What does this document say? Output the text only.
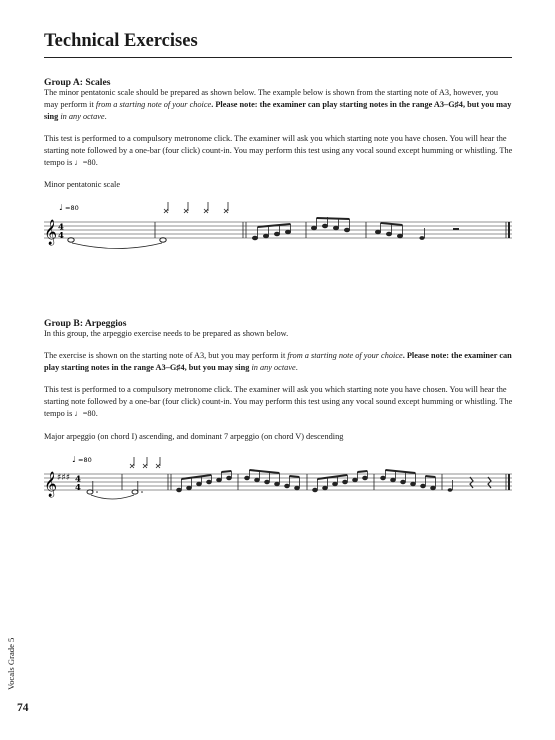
Technical Exercises
Group A: Scales

The minor pentatonic scale should be prepared as shown below. The example below is shown from the starting note of A3, however, you may perform it from a starting note of your choice. Please note: the examiner can play starting notes in the range A3–G♯4, but you may sing in any octave.

This test is performed to a compulsory metronome click. The examiner will ask you which starting note you have chosen. You will hear the starting note followed by a one-bar (four click) count-in. You may perform this test using any vocal sound except humming or whistling. The tempo is ♩=80.

Minor pentatonic scale

𝄞
♩ =80
4
4
Group B: Arpeggios

In this group, the arpeggio exercise needs to be prepared as shown below.

The exercise is shown on the starting note of A3, but you may perform it from a starting note of your choice. Please note: the examiner can play starting notes in the range A3–G♯4, but you may sing in any octave.

This test is performed to a compulsory metronome click. The examiner will ask you which starting note you have chosen. You will hear the starting note followed by a one-bar (four click) count-in. You may perform this test using any vocal sound except humming or whistling. The tempo is ♩=80.

Major arpeggio (on chord I) ascending, and dominant 7 arpeggio (on chord V) descending

𝄞 ♯♯♯
♩ =80
4
4
Vocals Grade 5

74
